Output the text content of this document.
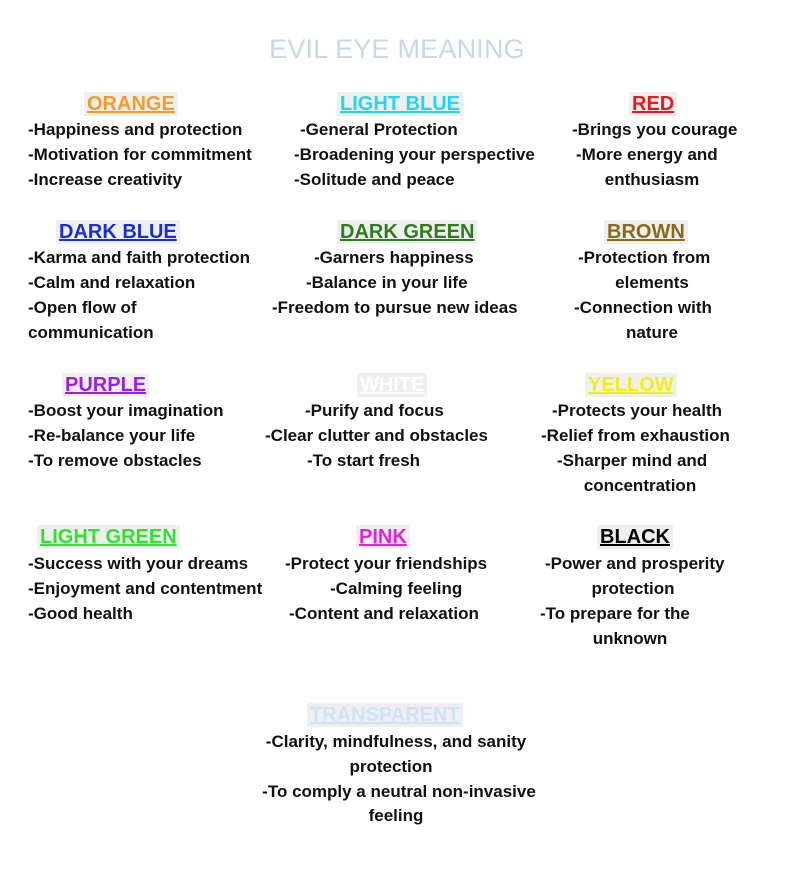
EVIL EYE MEANING
ORANGE
-Happiness and protection
-Motivation for commitment
-Increase creativity
LIGHT BLUE
-General Protection
-Broadening your perspective
-Solitude and peace
RED
-Brings you courage
-More energy and
enthusiasm
DARK BLUE
-Karma and faith protection
-Calm and relaxation
-Open flow of
communication
DARK GREEN
-Garners happiness
-Balance in your life
-Freedom to pursue new ideas
BROWN
-Protection from
elements
-Connection with
nature
PURPLE
-Boost your imagination
-Re-balance your life
-To remove obstacles
WHITE
-Purify and focus
-Clear clutter and obstacles
-To start fresh
YELLOW
-Protects your health
-Relief from exhaustion
-Sharper mind and
concentration
LIGHT GREEN
-Success with your dreams
-Enjoyment and contentment
-Good health
PINK
-Protect your friendships
-Calming feeling
-Content and relaxation
BLACK
-Power and prosperity
protection
-To prepare for the
unknown
TRANSPARENT
-Clarity, mindfulness, and sanity
protection
-To comply a neutral non-invasive
feeling
